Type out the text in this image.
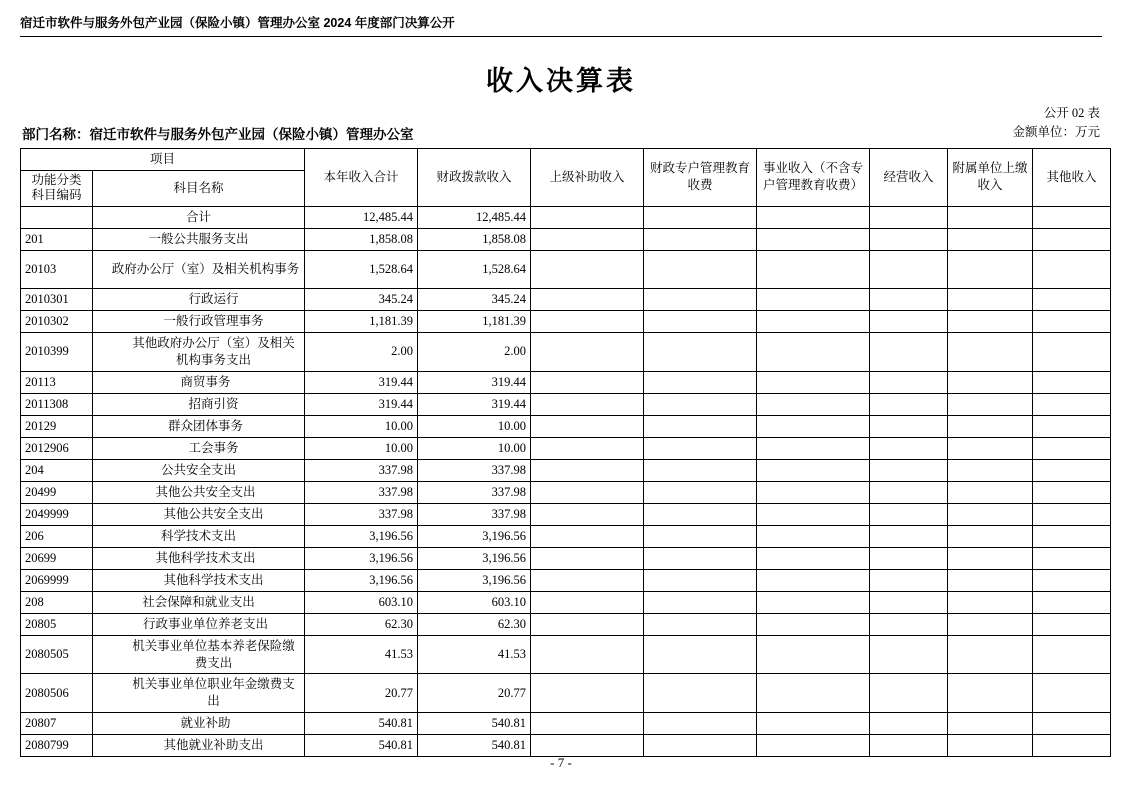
宿迁市软件与服务外包产业园（保险小镇）管理办公室 2024 年度部门决算公开
收入决算表
部门名称：宿迁市软件与服务外包产业园（保险小镇）管理办公室
公开 02 表
金额单位：万元
项目		本年收入合计	财政拨款收入	上级补助收入	财政专户管理教育收费	事业收入（不含专户管理教育收费）	经营收入	附属单位上缴收入	其他收入
功能分类
科目编码	科目名称								
	合计	12,485.44	12,485.44						
201	一般公共服务支出	1,858.08	1,858.08						
20103	政府办公厅（室）及相关机构事务	1,528.64	1,528.64						
2010301	行政运行	345.24	345.24						
2010302	一般行政管理事务	1,181.39	1,181.39						
2010399	其他政府办公厅（室）及相关机构事务支出	2.00	2.00						
20113	商贸事务	319.44	319.44						
2011308	招商引资	319.44	319.44						
20129	群众团体事务	10.00	10.00						
2012906	工会事务	10.00	10.00						
204	公共安全支出	337.98	337.98						
20499	其他公共安全支出	337.98	337.98						
2049999	其他公共安全支出	337.98	337.98						
206	科学技术支出	3,196.56	3,196.56						
20699	其他科学技术支出	3,196.56	3,196.56						
2069999	其他科学技术支出	3,196.56	3,196.56						
208	社会保障和就业支出	603.10	603.10						
20805	行政事业单位养老支出	62.30	62.30						
2080505	机关事业单位基本养老保险缴费支出	41.53	41.53						
2080506	机关事业单位职业年金缴费支出	20.77	20.77						
20807	就业补助	540.81	540.81						
2080799	其他就业补助支出	540.81	540.81						
- 7 -
